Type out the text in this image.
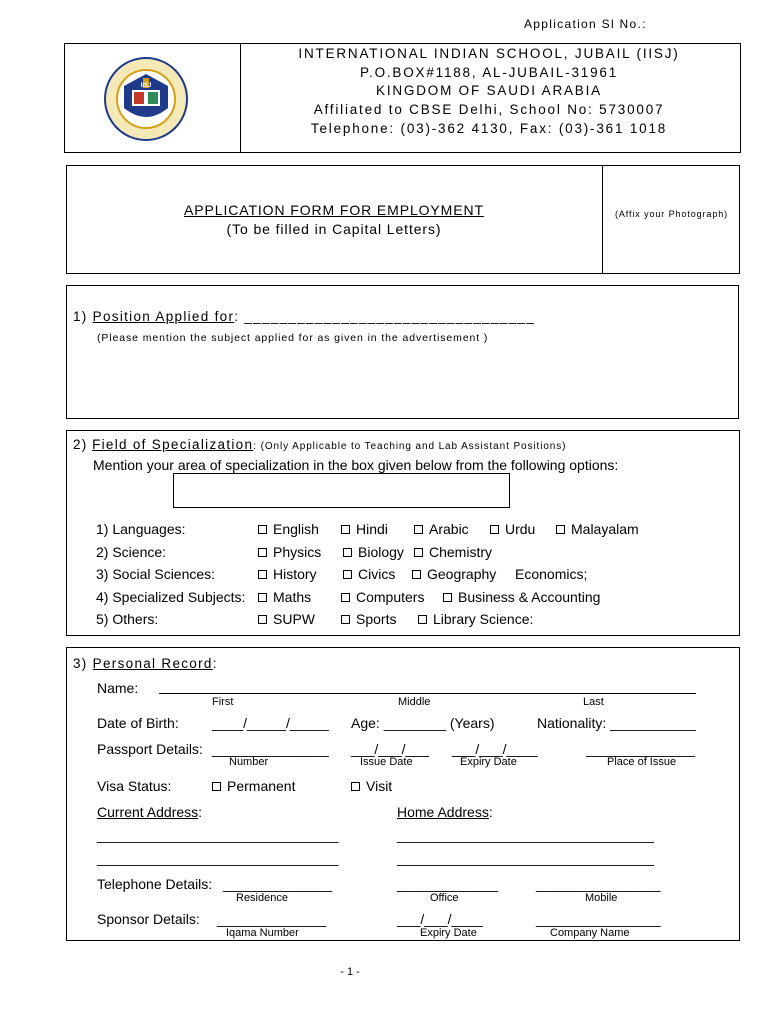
Application Sl No.:
IISJ
INTERNATIONAL INDIAN SCHOOL, JUBAIL (IISJ)
P.O.BOX#1188, AL-JUBAIL-31961
KINGDOM OF SAUDI ARABIA
Affiliated to CBSE Delhi, School No: 5730007
Telephone: (03)-362 4130, Fax: (03)-361 1018
APPLICATION FORM FOR EMPLOYMENT
(To be filled in Capital Letters)
(Affix your Photograph)
1) Position Applied for: _________________________________
(Please mention the subject applied for as given in the advertisement )
2) Field of Specialization: (Only Applicable to Teaching and Lab Assistant Positions)
Mention your area of specialization in the box given below from the following options:
1) Languages:	English	Hindi	Arabic	Urdu	Malayalam
2) Science:	Physics	Biology	Chemistry
3) Social Sciences:	History	Civics	Geography Economics;
4) Specialized Subjects:	Maths	Computers	Business & Accounting
5) Others:	SUPW	Sports	Library Science:
3) Personal Record:
Name:
First	Middle	Last
Date of Birth: ____/_____/_____ Age: ________ (Years)	Nationality: ___________
Passport Details: _______________ ___/___/___ ___/___/____	______________
Number	Issue Date	Expiry Date	Place of Issue
Visa Status:	Permanent	Visit
Current Address:	Home Address:
_______________________________	_________________________________
_______________________________	_________________________________
Telephone Details: ______________	_____________	________________
Residence	Office	Mobile
Sponsor Details: ______________	___/___/____	________________
Iqama Number	Expiry Date	Company Name
- 1 -
